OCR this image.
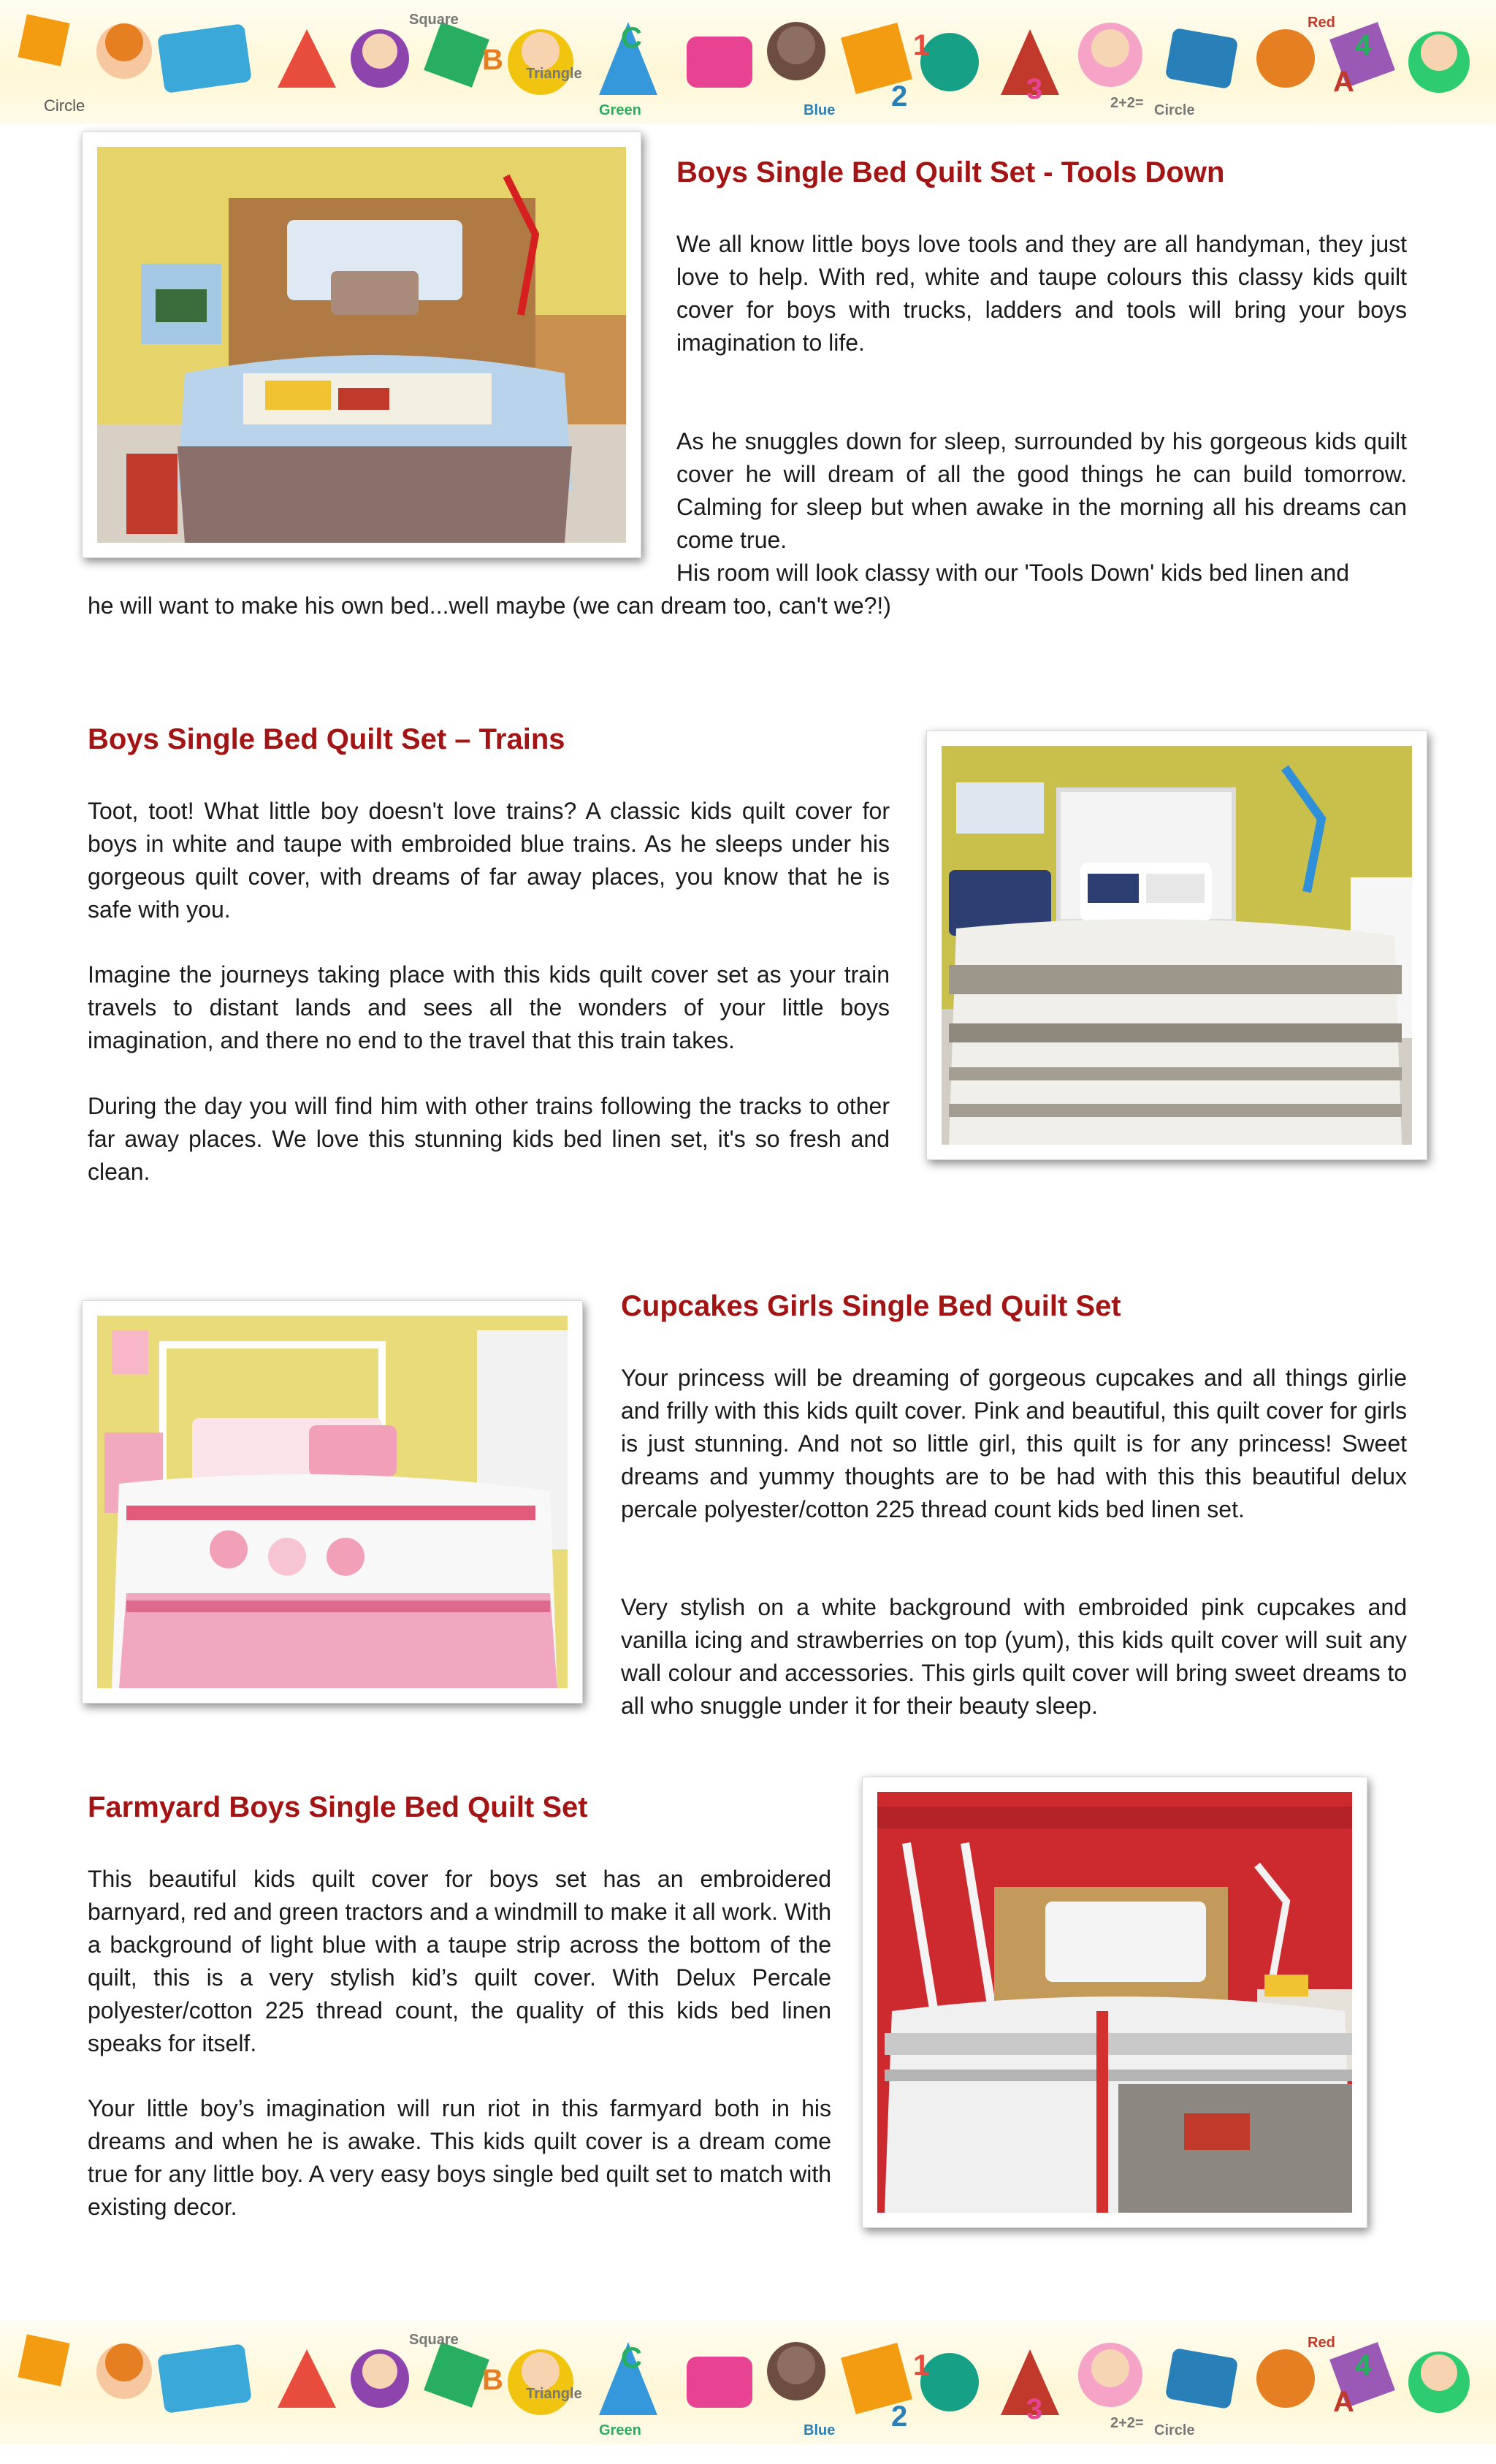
Circle
Red
Square
Triangle
Green	Blue	Circle
2+2=
1
2	3
4
A
B
C
Boys Single Bed Quilt Set - Tools Down

We all know little boys love tools and they are all handyman, they just love to help. With red, white and taupe colours this classy kids quilt cover for boys with trucks, ladders and tools will bring your boys imagination to life.

As he snuggles down for sleep, surrounded by his gorgeous kids quilt cover he will dream of all the good things he can build tomorrow. Calming for sleep but when awake in the morning all his dreams can come true.

His room will look classy with our 'Tools Down' kids bed linen and

he will want to make his own bed...well maybe (we can dream too, can't we?!)

Boys Single Bed Quilt Set – Trains

Toot, toot! What little boy doesn't love trains? A classic kids quilt cover for boys in white and taupe with embroided blue trains. As he sleeps under his gorgeous quilt cover, with dreams of far away places, you know that he is safe with you.

Imagine the journeys taking place with this kids quilt cover set as your train travels to distant lands and sees all the wonders of your little boys imagination, and there no end to the travel that this train takes.

During the day you will find him with other trains following the tracks to other far away places. We love this stunning kids bed linen set, it's so fresh and clean.

Cupcakes Girls Single Bed Quilt Set

Your princess will be dreaming of gorgeous cupcakes and all things girlie and frilly with this kids quilt cover. Pink and beautiful, this quilt cover for girls is just stunning. And not so little girl, this quilt is for any princess! Sweet dreams and yummy thoughts are to be had with this this beautiful delux percale polyester/cotton 225 thread count kids bed linen set.

Very stylish on a white background with embroided pink cupcakes and vanilla icing and strawberries on top (yum), this kids quilt cover will suit any wall colour and accessories. This girls quilt cover will bring sweet dreams to all who snuggle under it for their beauty sleep.

Farmyard Boys Single Bed Quilt Set

This beautiful kids quilt cover for boys set has an embroidered barnyard, red and green tractors and a windmill to make it all work. With a background of light blue with a taupe strip across the bottom of the quilt, this is a very stylish kid’s quilt cover. With Delux Percale polyester/cotton 225 thread count, the quality of this kids bed linen speaks for itself.

Your little boy’s imagination will run riot in this farmyard both in his dreams and when he is awake. This kids quilt cover is a dream come true for any little boy. A very easy boys single bed quilt set to match with existing decor.

Red
Square
Triangle
Green	Blue	Circle
2+2=
1
2	3
4
A
B
C
